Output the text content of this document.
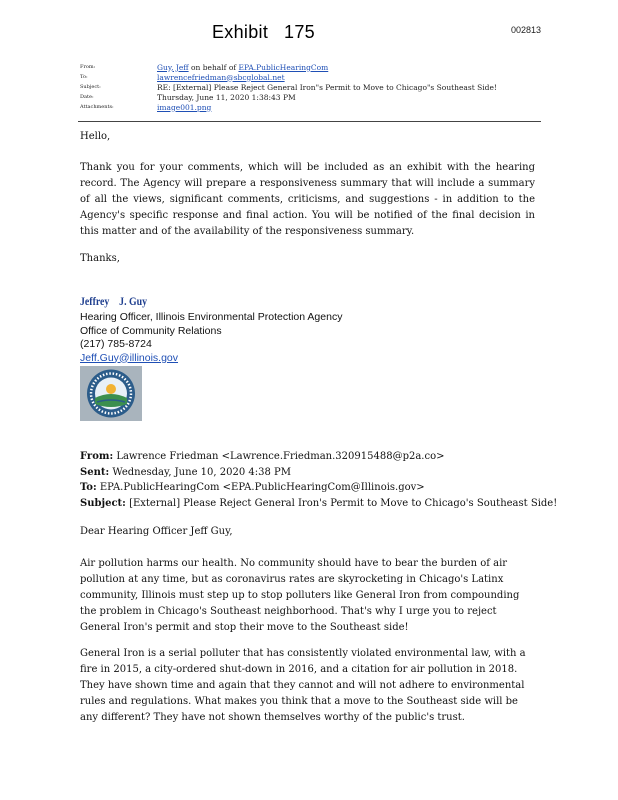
Exhibit 175	002813
From:	Guy, Jeff on behalf of EPA.PublicHearingCom
To:	lawrencefriedman@sbcglobal.net
Subject:	RE: [External] Please Reject General Iron"s Permit to Move to Chicago"s Southeast Side!
Date:	Thursday, June 11, 2020 1:38:43 PM
Attachments:	image001.png
Hello,
Thank you for your comments, which will be included as an exhibit with the hearing record. The Agency will prepare a responsiveness summary that will include a summary of all the views, significant comments, criticisms, and suggestions - in addition to the Agency's specific response and final action. You will be notified of the final decision in this matter and of the availability of the responsiveness summary.
Thanks,
Jeffrey    J. Guy
Hearing Officer, Illinois Environmental Protection Agency
Office of Community Relations
(217) 785-8724
Jeff.Guy@illinois.gov
From: Lawrence Friedman <Lawrence.Friedman.320915488@p2a.co>
Sent: Wednesday, June 10, 2020 4:38 PM
To: EPA.PublicHearingCom <EPA.PublicHearingCom@Illinois.gov>
Subject: [External] Please Reject General Iron's Permit to Move to Chicago's Southeast Side!
Dear Hearing Officer Jeff Guy,
Air pollution harms our health. No community should have to bear the burden of air pollution at any time, but as coronavirus rates are skyrocketing in Chicago's Latinx community, Illinois must step up to stop polluters like General Iron from compounding the problem in Chicago's Southeast neighborhood. That's why I urge you to reject General Iron's permit and stop their move to the Southeast side!
General Iron is a serial polluter that has consistently violated environmental law, with a fire in 2015, a city-ordered shut-down in 2016, and a citation for air pollution in 2018. They have shown time and again that they cannot and will not adhere to environmental rules and regulations. What makes you think that a move to the Southeast side will be any different? They have not shown themselves worthy of the public's trust.
